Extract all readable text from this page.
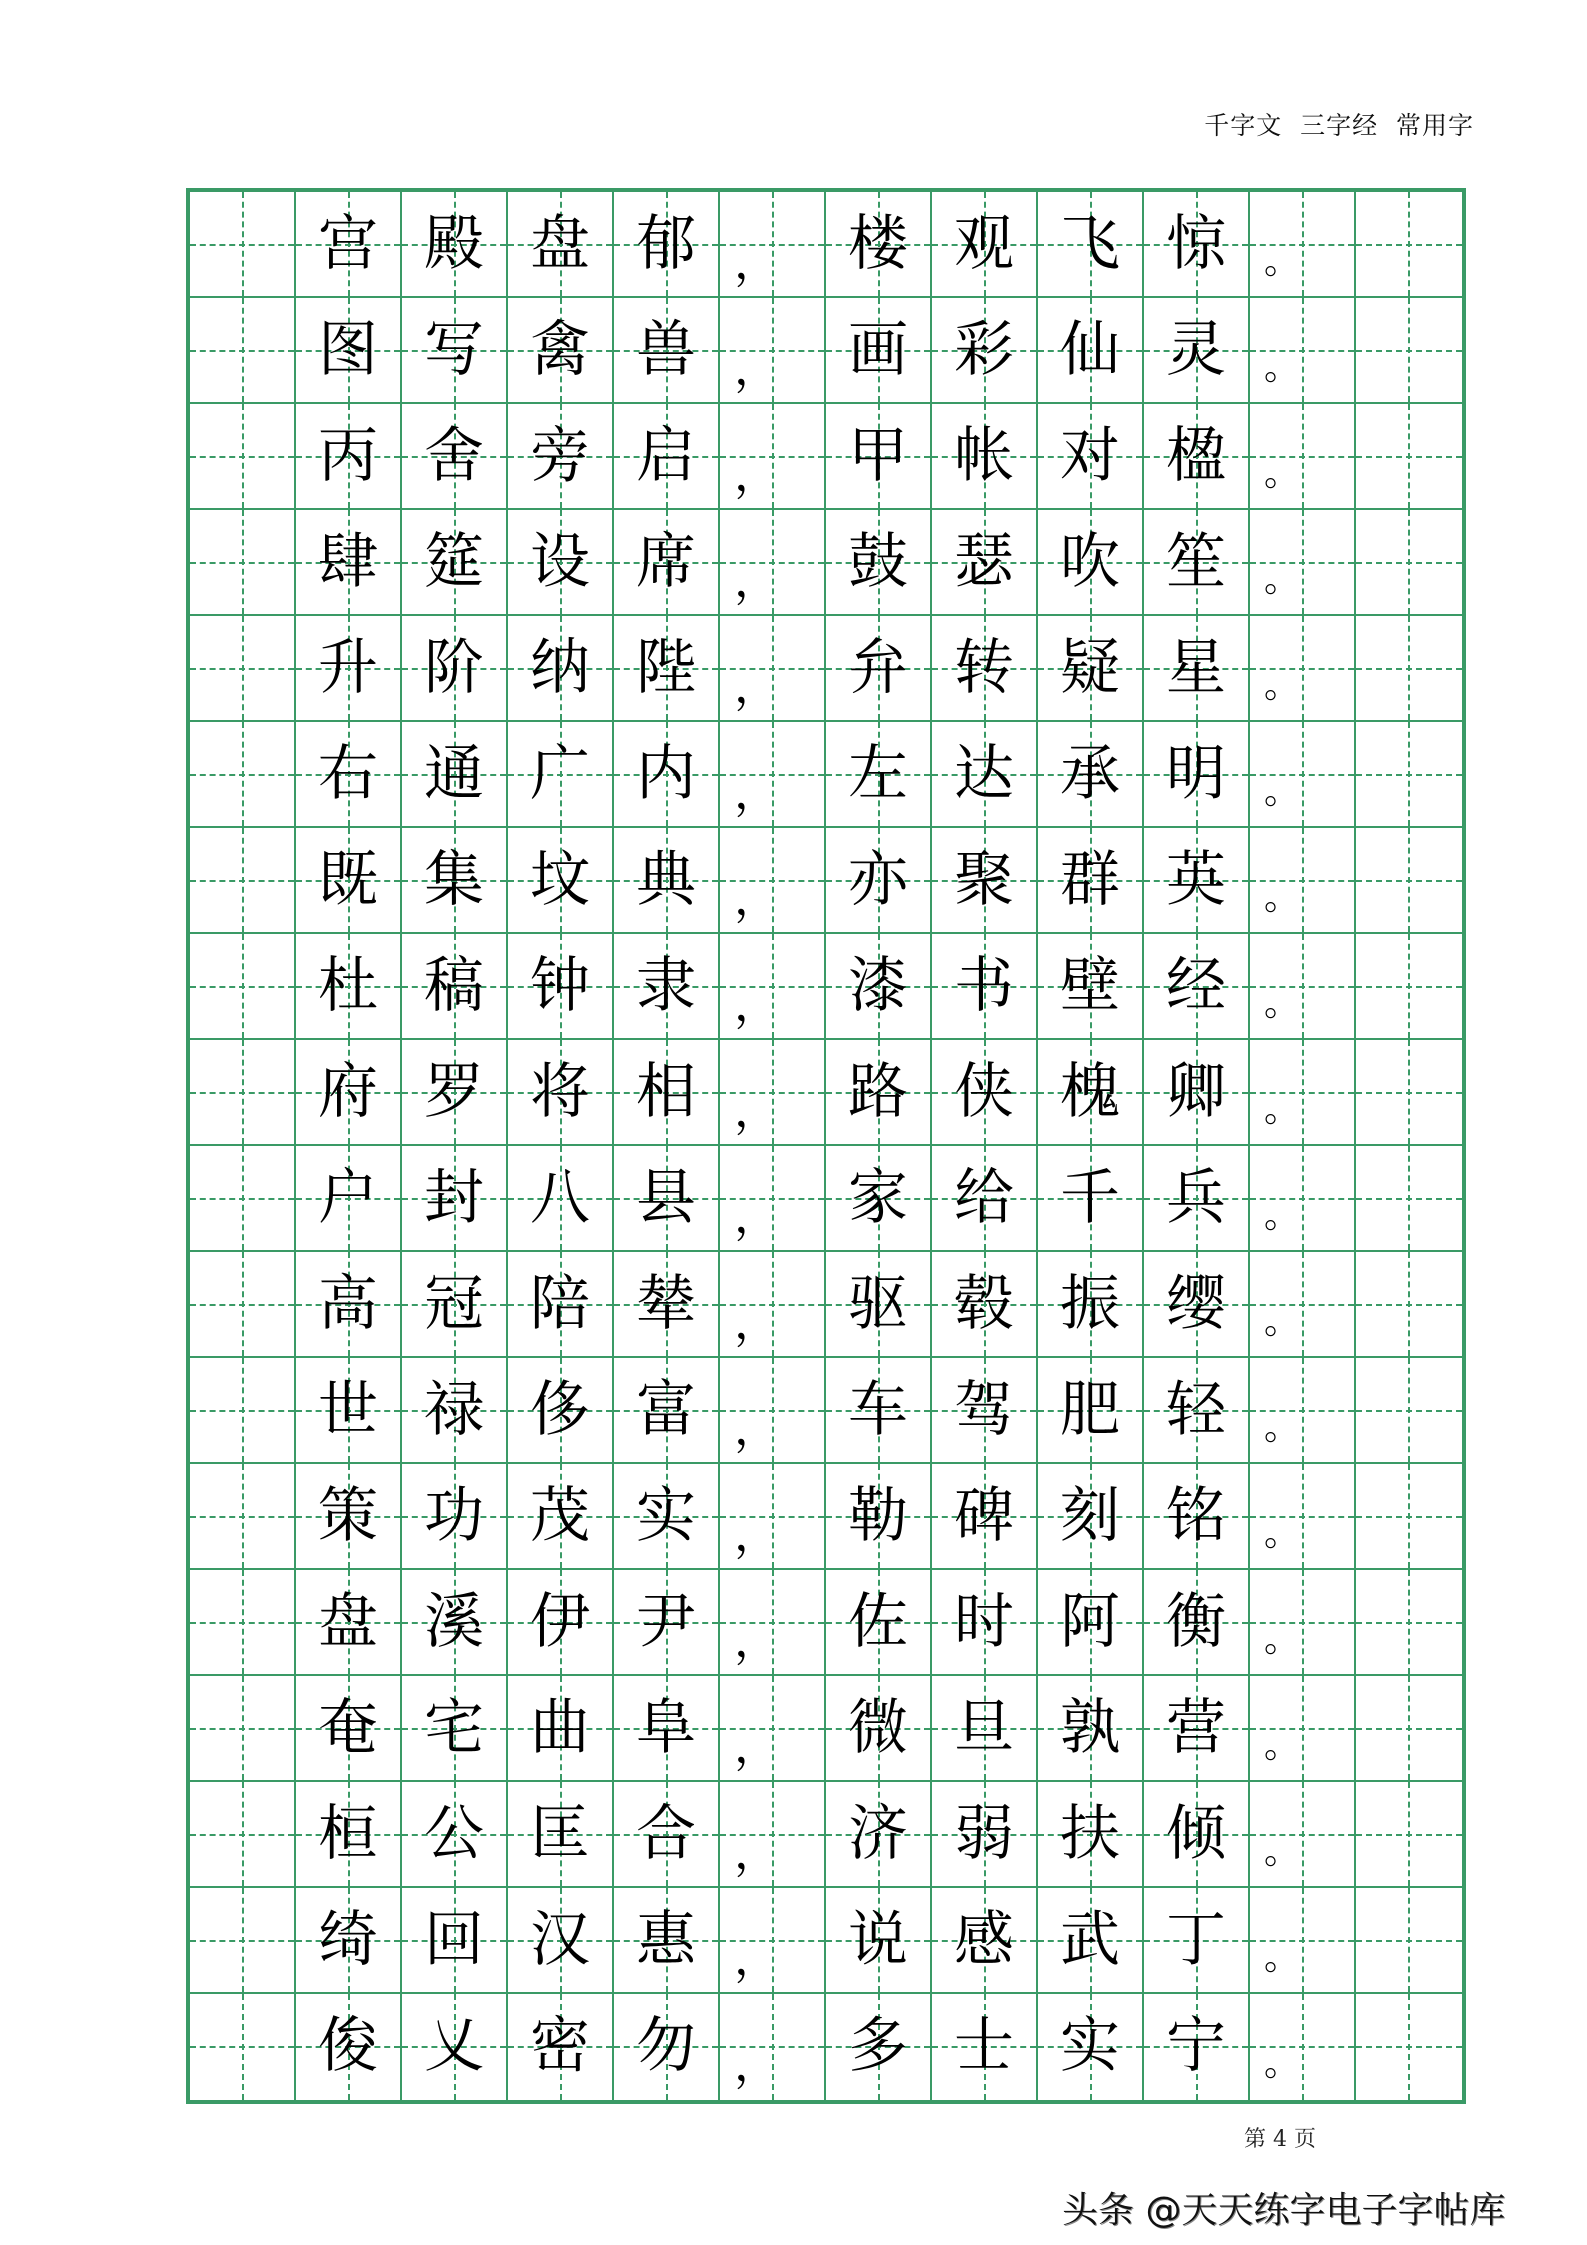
千字文  三字经  常用字
宫 殿 盘 郁 ，	楼 观 飞 惊	。
图 写 禽 兽 ，	画 彩 仙 灵	。
丙 舍 旁 启 ，	甲 帐 对 楹	。
肆 筵 设 席 ，	鼓 瑟 吹 笙	。
升 阶 纳 陛 ，	弁 转 疑 星	。
右 通 广 内 ，	左 达 承 明	。
既 集 坟 典 ，	亦 聚 群 英	。
杜 稿 钟 隶 ，	漆 书 壁 经	。
府 罗 将 相 ，	路 侠 槐 卿	。
户 封 八 县 ，	家 给 千 兵	。
高 冠 陪 辇 ，	驱 毂 振 缨	。
世 禄 侈 富 ，	车 驾 肥 轻	。
策 功 茂 实 ，	勒 碑 刻 铭	。
盘 溪 伊 尹 ，	佐 时 阿 衡	。
奄 宅 曲 阜 ，	微 旦 孰 营	。
桓 公 匡 合 ，	济 弱 扶 倾	。
绮 回 汉 惠 ，	说 感 武 丁	。
俊 乂 密 勿 ，	多 士 实 宁	。
第 4 页
头条 @天天练字电子字帖库
